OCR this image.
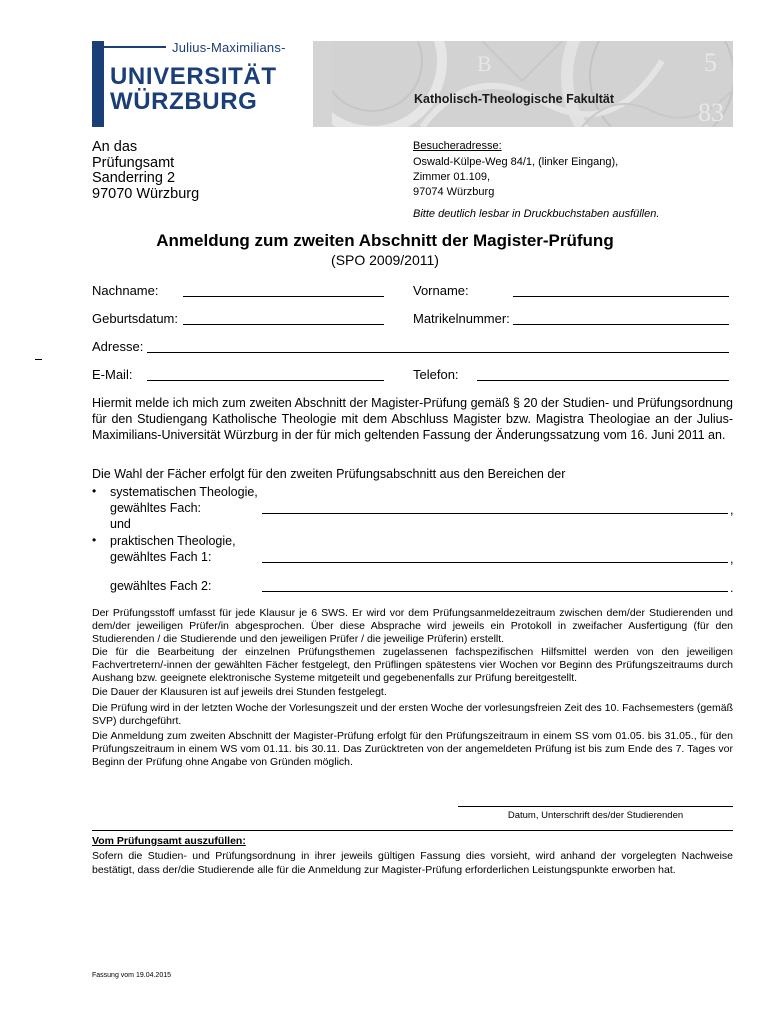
5
83
B
Julius-Maximilians-
UNIVERSITÄT
WÜRZBURG	Katholisch-Theologische Fakultät
An das
Prüfungsamt
Sanderring 2
97070 Würzburg
Besucheradresse:
Oswald-Külpe-Weg 84/1, (linker Eingang),
Zimmer 01.109,
97074 Würzburg
Bitte deutlich lesbar in Druckbuchstaben ausfüllen.
Anmeldung zum zweiten Abschnitt der Magister-Prüfung
(SPO 2009/2011)
Nachname:	Vorname:
Geburtsdatum:	Matrikelnummer:
Adresse:
E-Mail:	Telefon:
Hiermit melde ich mich zum zweiten Abschnitt der Magister-Prüfung gemäß § 20 der Studien- und Prüfungsordnung für den Studiengang Katholische Theologie mit dem Abschluss Magister bzw. Magistra Theologiae an der Julius-Maximilians-Universität Würzburg in der für mich geltenden Fassung der Änderungssatzung vom 16. Juni 2011 an.
Die Wahl der Fächer erfolgt für den zweiten Prüfungsabschnitt aus den Bereichen der
• systematischen Theologie,
gewähltes Fach:	,
und
• praktischen Theologie,
gewähltes Fach 1:	,
gewähltes Fach 2:	.
Der Prüfungsstoff umfasst für jede Klausur je 6 SWS. Er wird vor dem Prüfungsanmeldezeitraum zwischen dem/der Studierenden und dem/der jeweiligen Prüfer/in abgesprochen. Über diese Absprache wird jeweils ein Protokoll in zweifacher Ausfertigung (für den Studierenden / die Studierende und den jeweiligen Prüfer / die jeweilige Prüferin) erstellt.
Die für die Bearbeitung der einzelnen Prüfungsthemen zugelassenen fachspezifischen Hilfsmittel werden von den jeweiligen Fachvertretern/-innen der gewählten Fächer festgelegt, den Prüflingen spätestens vier Wochen vor Beginn des Prüfungszeitraums durch Aushang bzw. geeignete elektronische Systeme mitgeteilt und gegebenenfalls zur Prüfung bereitgestellt.
Die Dauer der Klausuren ist auf jeweils drei Stunden festgelegt.
Die Prüfung wird in der letzten Woche der Vorlesungszeit und der ersten Woche der vorlesungsfreien Zeit des 10. Fachsemesters (gemäß SVP) durchgeführt.
Die Anmeldung zum zweiten Abschnitt der Magister-Prüfung erfolgt für den Prüfungszeitraum in einem SS vom 01.05. bis 31.05., für den Prüfungszeitraum in einem WS vom 01.11. bis 30.11. Das Zurücktreten von der angemeldeten Prüfung ist bis zum Ende des 7. Tages vor Beginn der Prüfung ohne Angabe von Gründen möglich.
Datum, Unterschrift des/der Studierenden
Vom Prüfungsamt auszufüllen:
Sofern die Studien- und Prüfungsordnung in ihrer jeweils gültigen Fassung dies vorsieht, wird anhand der vorgelegten Nachweise bestätigt, dass der/die Studierende alle für die Anmeldung zur Magister-Prüfung erforderlichen Leistungspunkte erworben hat.
Fassung vom 19.04.2015
